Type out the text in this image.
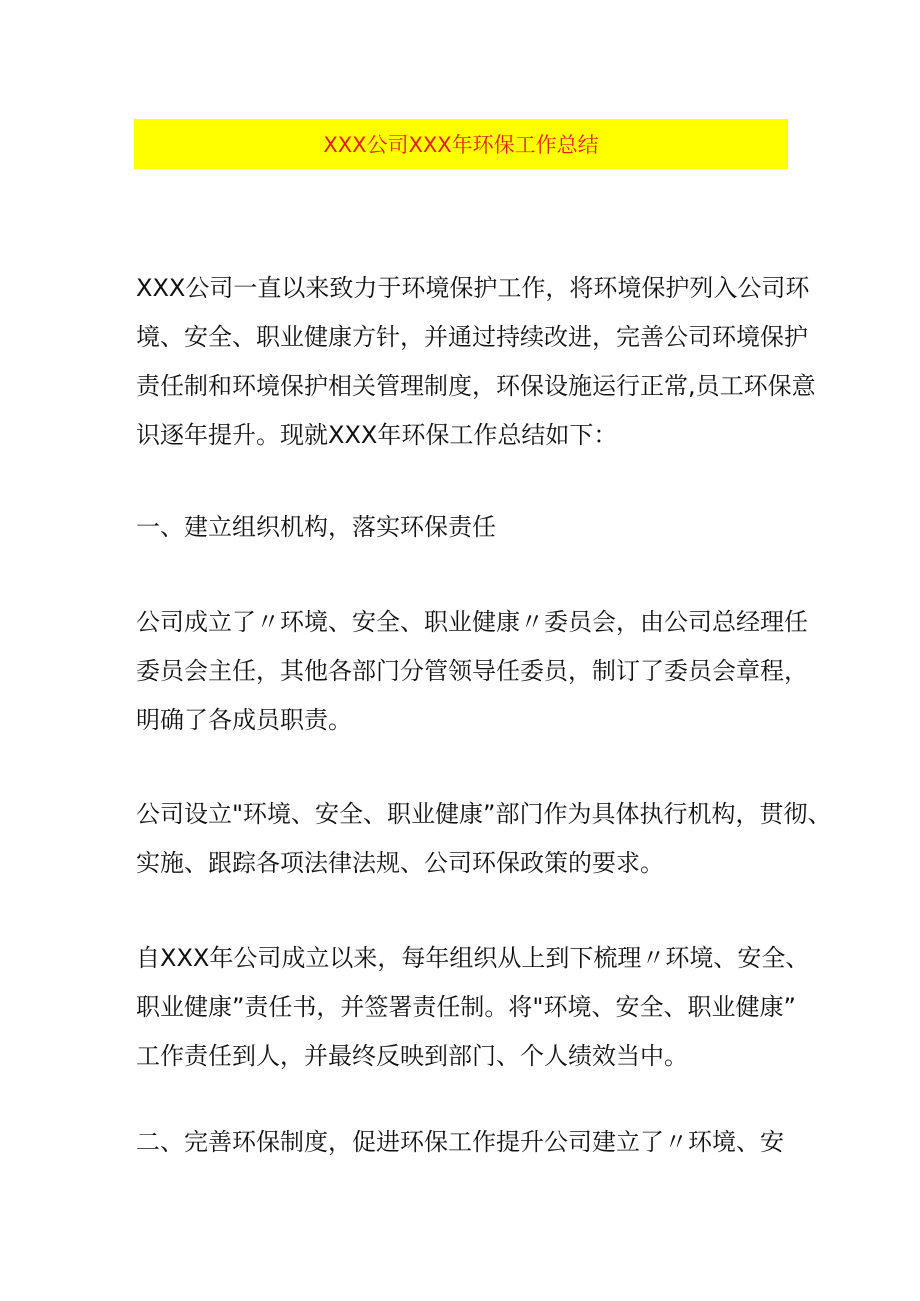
XXX公司XXX年环保工作总结
XXX公司一直以来致力于环境保护工作，将环境保护列入公司环
境、安全、职业健康方针，并通过持续改进，完善公司环境保护
责任制和环境保护相关管理制度，环保设施运行正常,员工环保意
识逐年提升。现就XXX年环保工作总结如下：
一、建立组织机构，落实环保责任
公司成立了〃环境、安全、职业健康〃委员会，由公司总经理任
委员会主任，其他各部门分管领导任委员，制订了委员会章程，
明确了各成员职责。
公司设立"环境、安全、职业健康”部门作为具体执行机构，贯彻、
实施、跟踪各项法律法规、公司环保政策的要求。
自XXX年公司成立以来，每年组织从上到下梳理〃环境、安全、
职业健康”责任书，并签署责任制。将"环境、安全、职业健康”
工作责任到人，并最终反映到部门、个人绩效当中。
二、完善环保制度，促进环保工作提升公司建立了〃环境、安
